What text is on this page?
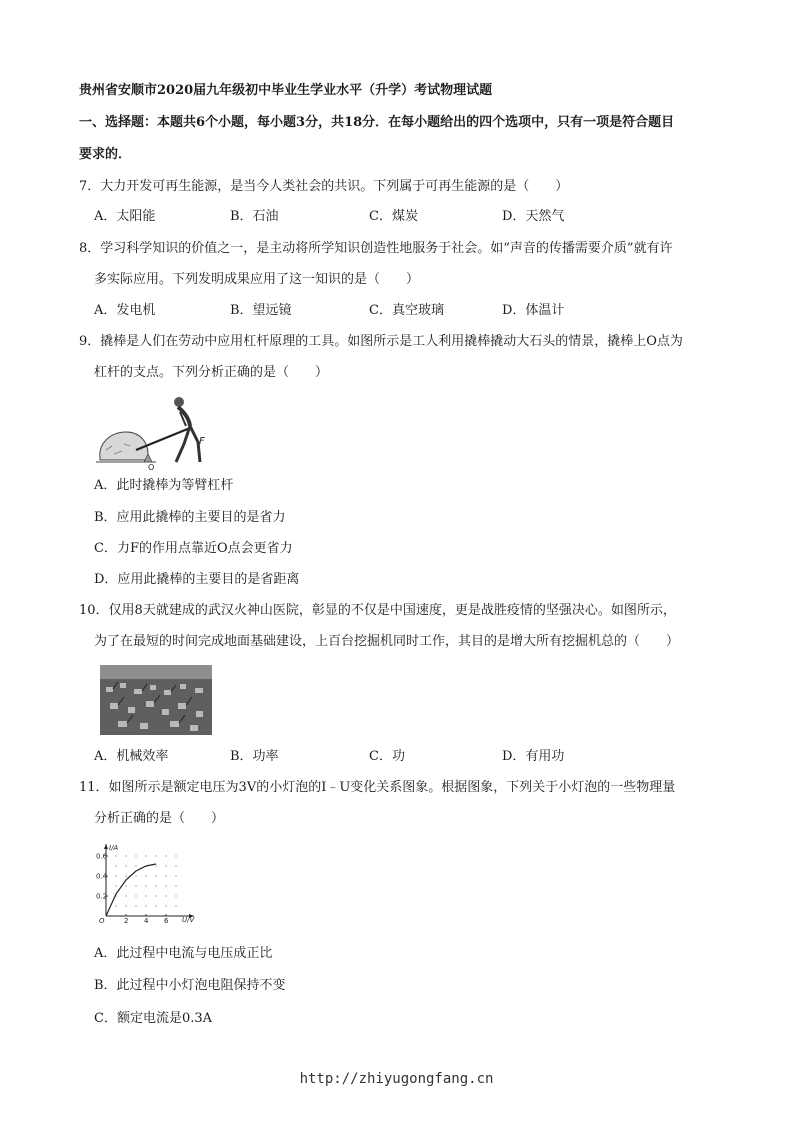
贵州省安顺市2020届九年级初中毕业生学业水平（升学）考试物理试题
一、选择题：本题共6个小题，每小题3分，共18分．在每小题给出的四个选项中，只有一项是符合题目
要求的．
7．大力开发可再生能源，是当今人类社会的共识。下列属于可再生能源的是（　　）
A．太阳能	B．石油	C．煤炭	D．天然气
8．学习科学知识的价值之一，是主动将所学知识创造性地服务于社会。如“声音的传播需要介质”就有许
多实际应用。下列发明成果应用了这一知识的是（　　）
A．发电机	B．望远镜	C．真空玻璃	D．体温计
9．撬棒是人们在劳动中应用杠杆原理的工具。如图所示是工人利用撬棒撬动大石头的情景，撬棒上O点为
杠杆的支点。下列分析正确的是（　　）
O
F
A．此时撬棒为等臂杠杆
B．应用此撬棒的主要目的是省力
C．力F的作用点靠近O点会更省力
D．应用此撬棒的主要目的是省距离
10．仅用8天就建成的武汉火神山医院，彰显的不仅是中国速度，更是战胜疫情的坚强决心。如图所示，
为了在最短的时间完成地面基础建设，上百台挖掘机同时工作，其目的是增大所有挖掘机总的（　　）
A．机械效率	B．功率	C．功	D．有用功
11．如图所示是额定电压为3V的小灯泡的I﹣U变化关系图象。根据图象，下列关于小灯泡的一些物理量
分析正确的是（　　）
2 4 6
0.2
0.4
0.6
I/A
U/V
O
A．此过程中电流与电压成正比
B．此过程中小灯泡电阻保持不变
C．额定电流是0.3A
http://zhiyugongfang.cn
